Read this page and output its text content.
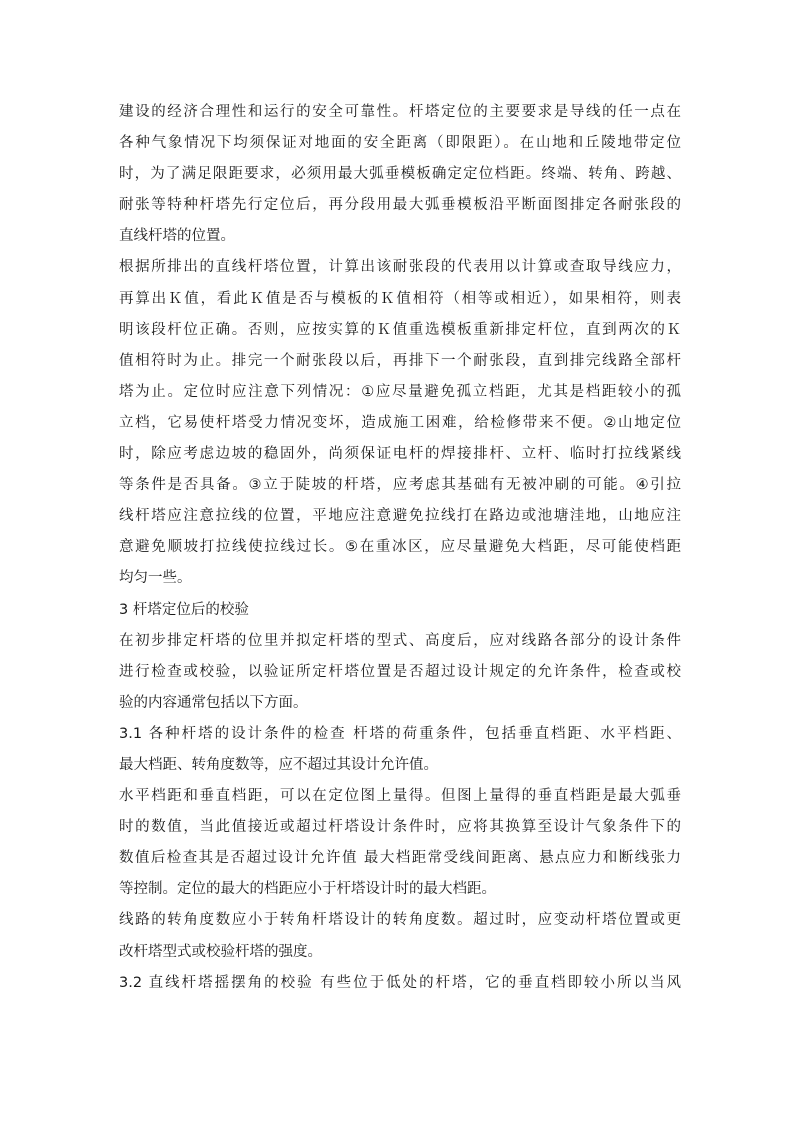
建设的经济合理性和运行的安全可靠性。杆塔定位的主要要求是导线的任一点在
各种气象情况下均须保证对地面的安全距离（即限距）。在山地和丘陵地带定位
时，为了满足限距要求，必须用最大弧垂模板确定定位档距。终端、转角、跨越、
耐张等特种杆塔先行定位后，再分段用最大弧垂模板沿平断面图排定各耐张段的
直线杆塔的位置。
根据所排出的直线杆塔位置，计算出该耐张段的代表用以计算或查取导线应力，
再算出Ｋ值，看此Ｋ值是否与模板的Ｋ值相符（相等或相近），如果相符，则表
明该段杆位正确。否则，应按实算的Ｋ值重选模板重新排定杆位，直到两次的Ｋ
值相符时为止。排完一个耐张段以后，再排下一个耐张段，直到排完线路全部杆
塔为止。定位时应注意下列情况：①应尽量避免孤立档距，尤其是档距较小的孤
立档，它易使杆塔受力情况变坏，造成施工困难，给检修带来不便。②山地定位
时，除应考虑边坡的稳固外，尚须保证电杆的焊接排杆、立杆、临时打拉线紧线
等条件是否具备。③立于陡坡的杆塔，应考虑其基础有无被冲刷的可能。④引拉
线杆塔应注意拉线的位置，平地应注意避免拉线打在路边或池塘洼地，山地应注
意避免顺坡打拉线使拉线过长。⑤在重冰区，应尽量避免大档距，尽可能使档距
均匀一些。
3 杆塔定位后的校验
在初步排定杆塔的位里并拟定杆塔的型式、高度后，应对线路各部分的设计条件
进行检查或校验，以验证所定杆塔位置是否超过设计规定的允许条件，检查或校
验的内容通常包括以下方面。
3.1 各种杆塔的设计条件的检查 杆塔的荷重条件，包括垂直档距、水平档距、
最大档距、转角度数等，应不超过其设计允许值。
水平档距和垂直档距，可以在定位图上量得。但图上量得的垂直档距是最大弧垂
时的数值，当此值接近或超过杆塔设计条件时，应将其换算至设计气象条件下的
数值后检查其是否超过设计允许值 最大档距常受线间距离、悬点应力和断线张力
等控制。定位的最大的档距应小于杆塔设计时的最大档距。
线路的转角度数应小于转角杆塔设计的转角度数。超过时，应变动杆塔位置或更
改杆塔型式或校验杆塔的强度。
3.2 直线杆塔摇摆角的校验 有些位于低处的杆塔，它的垂直档即较小所以当风
